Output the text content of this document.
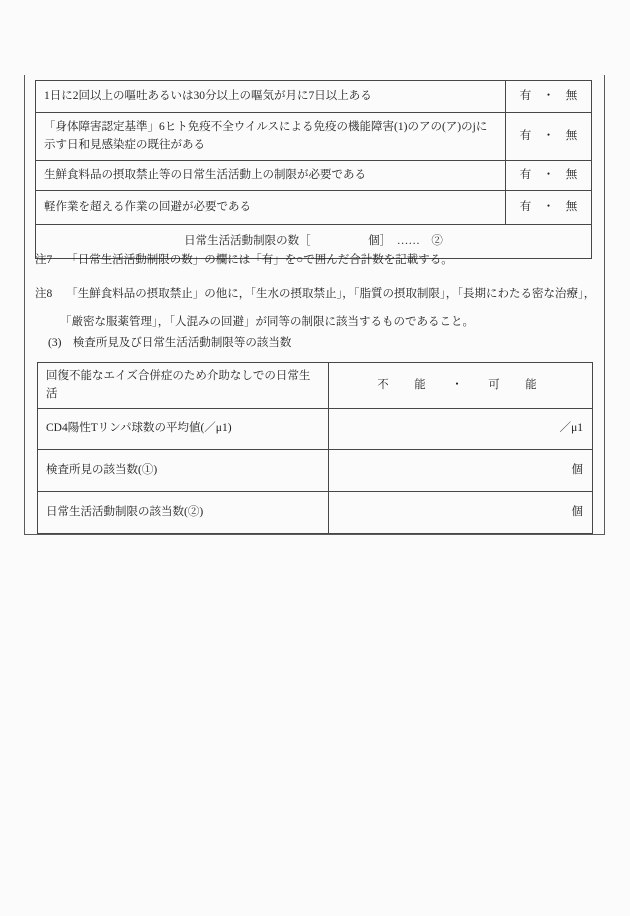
1日に2回以上の嘔吐あるいは30分以上の嘔気が月に7日以上ある	有　・　無
「身体障害認定基準」6ヒト免疫不全ウイルスによる免疫の機能障害(1)のアの(ア)のjに示す日和見感染症の既往がある	有　・　無
生鮮食料品の摂取禁止等の日常生活活動上の制限が必要である	有　・　無
軽作業を超える作業の回避が必要である	有　・　無
日常生活活動制限の数［　　　　　個］　……　②	
注7 「日常生活活動制限の数」の欄には「有」を○で囲んだ合計数を記載する。
注8 「生鮮食料品の摂取禁止」の他に，「生水の摂取禁止」，「脂質の摂取制限」，「長期にわたる密な治療」，「厳密な服薬管理」，「人混みの回避」が同等の制限に該当するものであること。
(3)　検査所見及び日常生活活動制限等の該当数
回復不能なエイズ合併症のため介助なしでの日常生活	不　能　・　可　能
CD4陽性Tリンパ球数の平均値(／μ1)	／μ1
検査所見の該当数(①)	個
日常生活活動制限の該当数(②)	個
